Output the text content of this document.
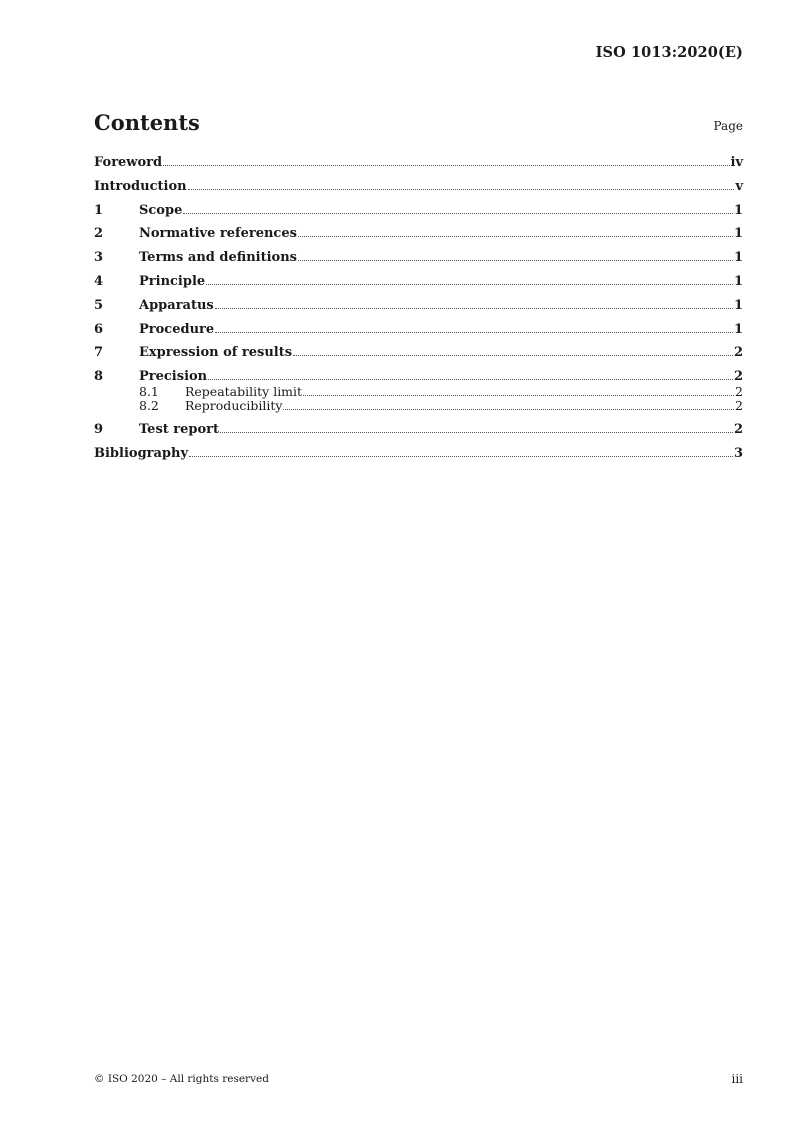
ISO 1013:2020(E)
Contents	Page
Foreword	iv
Introduction	v
1	Scope	1
2	Normative references	1
3	Terms and definitions	1
4	Principle	1
5	Apparatus	1
6	Procedure	1
7	Expression of results	2
8	Precision	2
8.1	Repeatability limit	2
8.2	Reproducibility	2
9	Test report	2
Bibliography	3
© ISO 2020 – All rights reserved	iii
